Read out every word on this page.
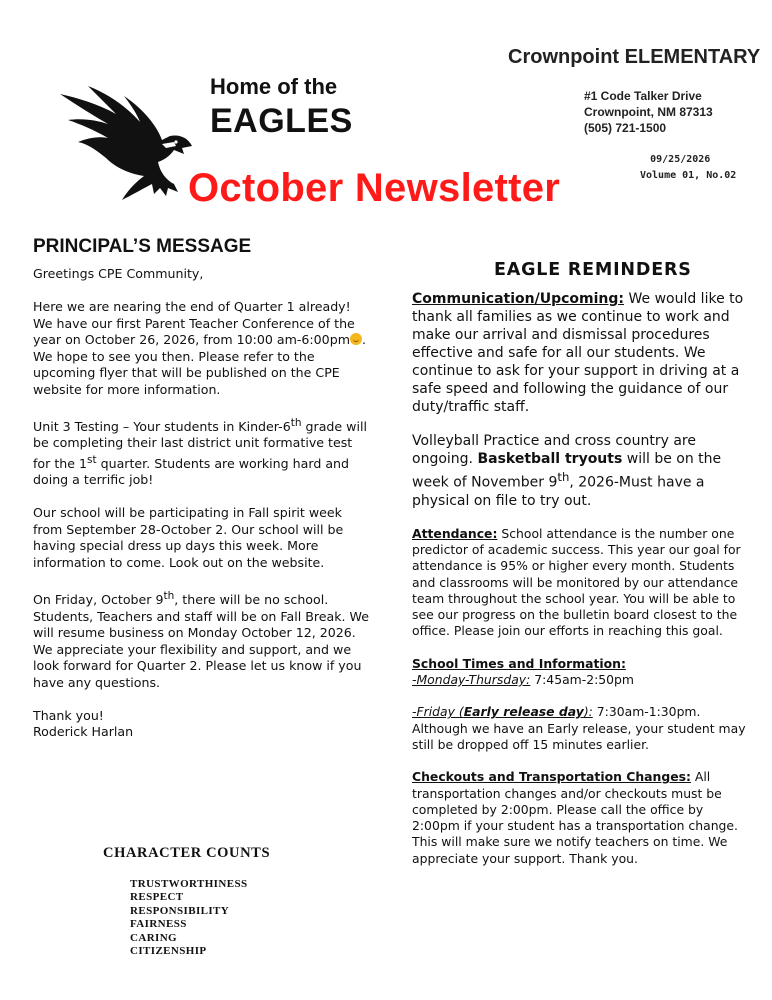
Crownpoint ELEMENTARY
#1 Code Talker Drive
Crownpoint, NM 87313
(505) 721-1500
09/25/2026
Volume 01, No.02
Home of the
EAGLES
October Newsletter
PRINCIPAL’S MESSAGE

Greetings CPE Community,

Here we are nearing the end of Quarter 1 already! We have our first Parent Teacher Conference of the year on October 26, 2026, from 10:00 am-6:00pm . We hope to see you then. Please refer to the upcoming flyer that will be published on the CPE website for more information.

Unit 3 Testing – Your students in Kinder-6th grade will be completing their last district unit formative test for the 1st quarter. Students are working hard and doing a terrific job!

Our school will be participating in Fall spirit week from September 28-October 2. Our school will be having special dress up days this week. More information to come. Look out on the website.

On Friday, October 9th, there will be no school. Students, Teachers and staff will be on Fall Break. We will resume business on Monday October 12, 2026. We appreciate your flexibility and support, and we look forward for Quarter 2. Please let us know if you have any questions.

Thank you!

Roderick Harlan

EAGLE REMINDERS

Communication/Upcoming: We would like to thank all families as we continue to work and make our arrival and dismissal procedures effective and safe for all our students. We continue to ask for your support in driving at a safe speed and following the guidance of our duty/traffic staff.

Volleyball Practice and cross country are ongoing. Basketball tryouts will be on the week of November 9th, 2026-Must have a physical on file to try out.

Attendance: School attendance is the number one predictor of academic success. This year our goal for attendance is 95% or higher every month. Students and classrooms will be monitored by our attendance team throughout the school year. You will be able to see our progress on the bulletin board closest to the office. Please join our efforts in reaching this goal.

School Times and Information:
-Monday-Thursday: 7:45am-2:50pm

-Friday (Early release day): 7:30am-1:30pm.
Although we have an Early release, your student may still be dropped off 15 minutes earlier.

Checkouts and Transportation Changes: All
transportation changes and/or checkouts must be completed by 2:00pm. Please call the office by 2:00pm if your student has a transportation change. This will make sure we notify teachers on time. We appreciate your support. Thank you.

CHARACTER COUNTS
TRUSTWORTHINESS
RESPECT
RESPONSIBILITY
FAIRNESS
CARING
CITIZENSHIP
